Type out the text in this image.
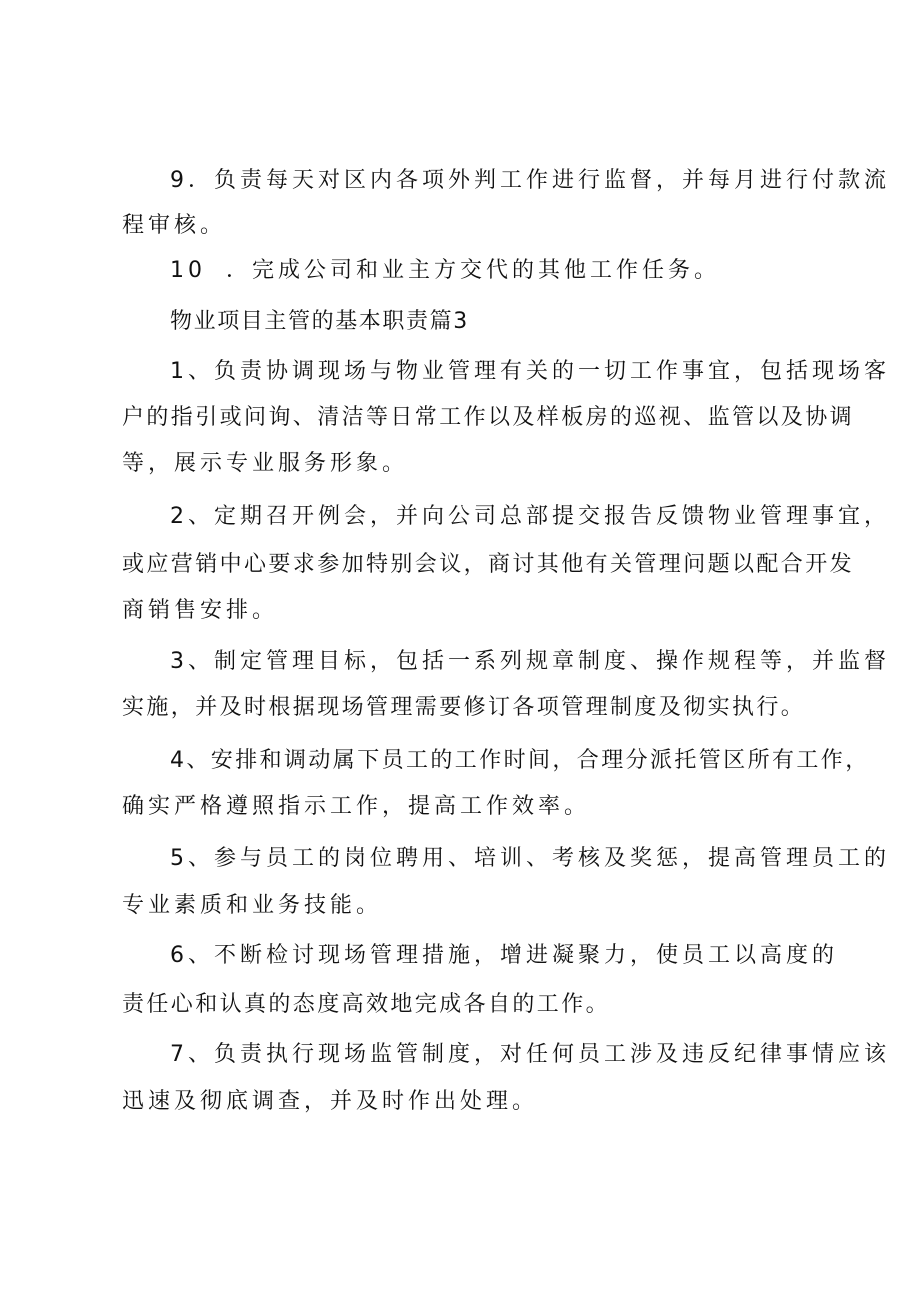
9．负责每天对区内各项外判工作进行监督，并每月进行付款流
程审核。
10 ．完成公司和业主方交代的其他工作任务。
物业项目主管的基本职责篇3
1、负责协调现场与物业管理有关的一切工作事宜，包括现场客
户的指引或问询、清洁等日常工作以及样板房的巡视、监管以及协调
等，展示专业服务形象。
2、定期召开例会，并向公司总部提交报告反馈物业管理事宜，
或应营销中心要求参加特别会议，商讨其他有关管理问题以配合开发
商销售安排。
3、制定管理目标，包括一系列规章制度、操作规程等，并监督
实施，并及时根据现场管理需要修订各项管理制度及彻实执行。
4、安排和调动属下员工的工作时间，合理分派托管区所有工作，
确实严格遵照指示工作，提高工作效率。
5、参与员工的岗位聘用、培训、考核及奖惩，提高管理员工的
专业素质和业务技能。
6、不断检讨现场管理措施，增进凝聚力，使员工以高度的
责任心和认真的态度高效地完成各自的工作。
7、负责执行现场监管制度，对任何员工涉及违反纪律事情应该
迅速及彻底调查，并及时作出处理。
